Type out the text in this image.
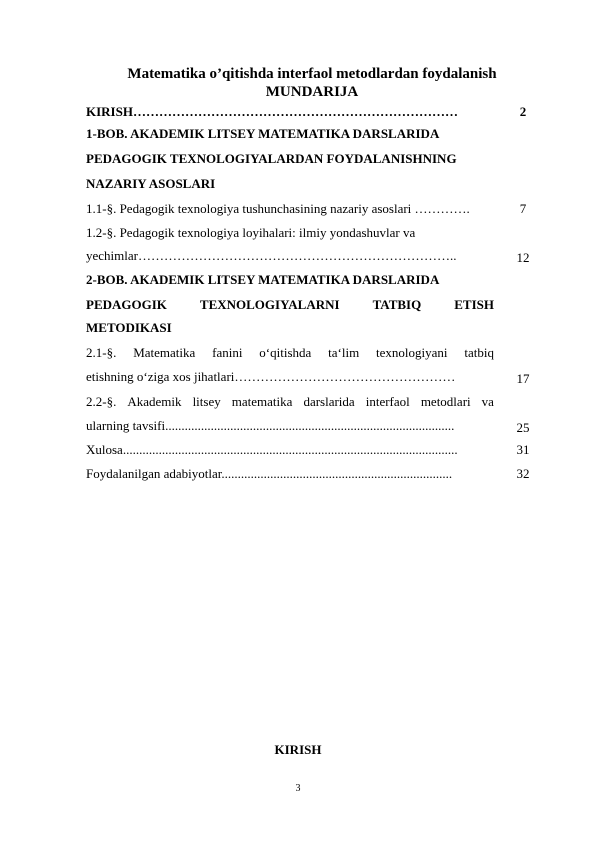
Matematika o’qitishda interfaol metodlardan foydalanish
MUNDARIJA
KIRISH…………………………………………………………………	2
1-BOB. AKADEMIK LITSEY MATEMATIKA DARSLARIDA
PEDAGOGIK TEXNOLOGIYALARDAN FOYDALANISHNING
NAZARIY ASOSLARI
1.1-§. Pedagogik texnologiya tushunchasining nazariy asoslari ………….	7
1.2-§. Pedagogik texnologiya loyihalari: ilmiy yondashuvlar va
yechimlar………………………………………………………………..	12
2-BOB. AKADEMIK LITSEY MATEMATIKA DARSLARIDA
PEDAGOGIK	TEXNOLOGIYALARNI	TATBIQ	ETISH
METODIKASI
2.1-§. Matematika fanini o‘qitishda ta‘lim texnologiyani tatbiq
etishning o‘ziga xos jihatlari……………………………………………	17
2.2-§. Akademik litsey matematika darslarida interfaol metodlari va
ularning tavsifi.........................................................................................	25
Xulosa.......................................................................................................	31
Foydalanilgan adabiyotlar.......................................................................	32
KIRISH
3
